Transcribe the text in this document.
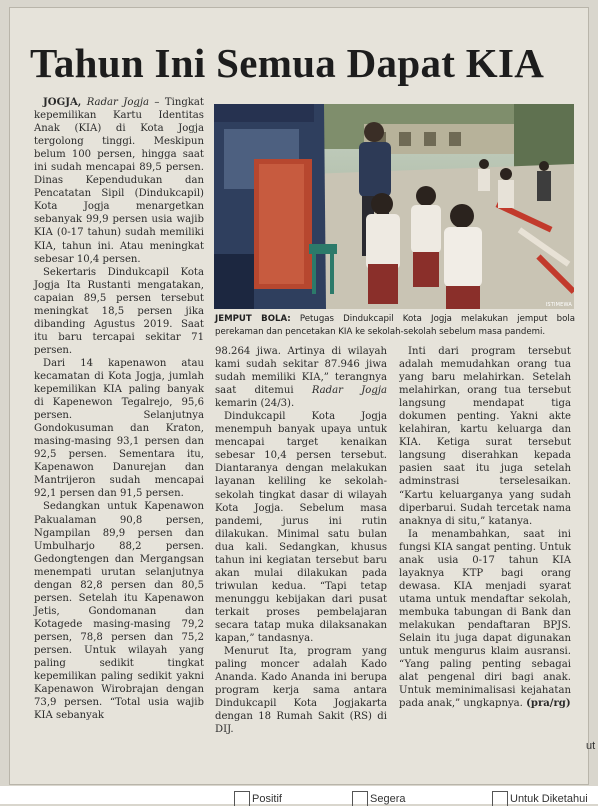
Tahun Ini Semua Dapat KIA

JOGJA, Radar Jogja – Tingkat kepemilikan Kartu Identitas Anak (KIA) di Kota Jogja tergolong tinggi. Meskipun belum 100 persen, hingga saat ini sudah mencapai 89,5 persen. Dinas Kependudukan dan Pencatatan Sipil (Dindukcapil) Kota Jogja menargetkan sebanyak 99,9 persen usia wajib KIA (0-17 tahun) sudah memiliki KIA, tahun ini. Atau meningkat sebesar 10,4 persen.

Sekertaris Dindukcapil Kota Jogja Ita Rustanti mengatakan, capaian 89,5 persen tersebut meningkat 18,5 persen jika dibanding Agustus 2019. Saat itu baru tercapai sekitar 71 persen.

Dari 14 kapenawon atau kecamatan di Kota Jogja, jumlah kepemilikan KIA paling banyak di Kapenewon Tegalrejo, 95,6 persen. Selanjutnya Gondokusuman dan Kraton, masing-masing 93,1 persen dan 92,5 persen. Sementara itu, Kapenawon Danurejan dan Mantrijeron sudah mencapai 92,1 persen dan 91,5 persen.

Sedangkan untuk Kapenawon Pakualaman 90,8 persen, Ngampilan 89,9 persen dan Umbulharjo 88,2 persen. Gedongtengen dan Mergangsan menempati urutan selanjutnya dengan 82,8 persen dan 80,5 persen. Setelah itu Kapenawon Jetis, Gondomanan dan Kotagede masing-masing 79,2 persen, 78,8 persen dan 75,2 persen. Untuk wilayah yang paling sedikit tingkat kepemilikan paling sedikit yakni Kapenawon Wirobrajan dengan 73,9 persen. “Total usia wajib KIA sebanyak

ISTIMEWA

JEMPUT BOLA: Petugas Dindukcapil Kota Jogja melakukan jemput bola perekaman dan pencetakan KIA ke sekolah-sekolah sebelum masa pandemi.

98.264 jiwa. Artinya di wilayah kami sudah sekitar 87.946 jiwa sudah memiliki KIA,” terangnya saat ditemui Radar Jogja kemarin (24/3).

Dindukcapil Kota Jogja menempuh banyak upaya untuk mencapai target kenaikan sebesar 10,4 persen tersebut. Diantaranya dengan melakukan layanan keliling ke sekolah-sekolah tingkat dasar di wilayah Kota Jogja. Sebelum masa pandemi, jurus ini rutin dilakukan. Minimal satu bulan dua kali. Sedangkan, khusus tahun ini kegiatan tersebut baru akan mulai dilakukan pada triwulan kedua. “Tapi tetap menunggu kebijakan dari pusat terkait proses pembelajaran secara tatap muka dilaksanakan kapan,” tandasnya.

Menurut Ita, program yang paling moncer adalah Kado Ananda. Kado Ananda ini berupa program kerja sama antara Dindukcapil Kota Jogjakarta dengan 18 Rumah Sakit (RS) di DIJ.

Inti dari program tersebut adalah memudahkan orang tua yang baru melahirkan. Setelah melahirkan, orang tua tersebut langsung mendapat tiga dokumen penting. Yakni akte kelahiran, kartu keluarga dan KIA. Ketiga surat tersebut langsung diserahkan kepada pasien saat itu juga setelah adminstrasi terselesaikan. “Kartu keluarganya yang sudah diperbarui. Sudah tercetak nama anaknya di situ,” katanya.

Ia menambahkan, saat ini fungsi KIA sangat penting. Untuk anak usia 0-17 tahun KIA layaknya KTP bagi orang dewasa. KIA menjadi syarat utama untuk mendaftar sekolah, membuka tabungan di Bank dan melakukan pendaftaran BPJS. Selain itu juga dapat digunakan untuk mengurus klaim ausransi. “Yang paling penting sebagai alat pengenal diri bagi anak. Untuk meminimalisasi kejahatan pada anak,” ungkapnya. (pra/rg)

ut
Positif	Segera	Untuk Diketahui
